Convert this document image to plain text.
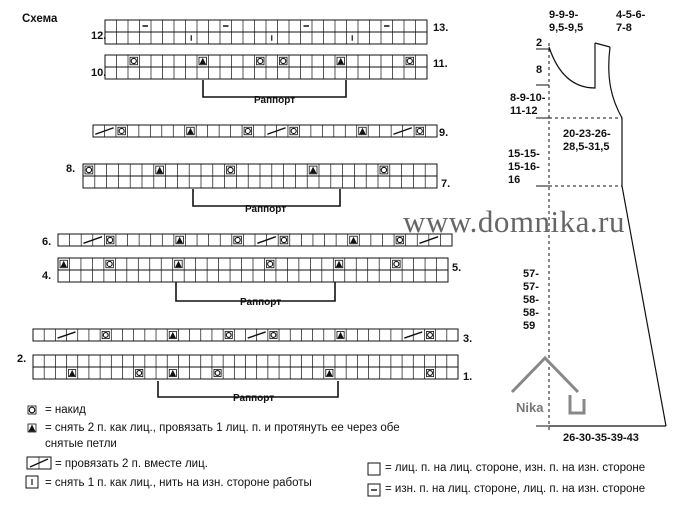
Схема
13.
12.
11.
10.
9.
8.
7.
6.
5.
4.
3.
2.
1.
Раппорт
Раппорт
Раппорт
Раппорт
= накид
= снять 2 п. как лиц., провязать 1 лиц. п. и протянуть ее через обе
снятые петли
= провязать 2 п. вместе лиц.
= снять 1 п. как лиц., нить на изн. стороне работы
= лиц. п. на лиц. стороне, изн. п. на изн. стороне
= изн. п. на лиц. стороне, лиц. п. на изн. стороне
www.domnika.ru
Nika
9-9-9-
9,5-9,5
4-5-6-
7-8
2
8
8-9-10-
11-12
20-23-26-
28,5-31,5
15-15-
15-16-
16
57-
57-
58-
58-
59
26-30-35-39-43
